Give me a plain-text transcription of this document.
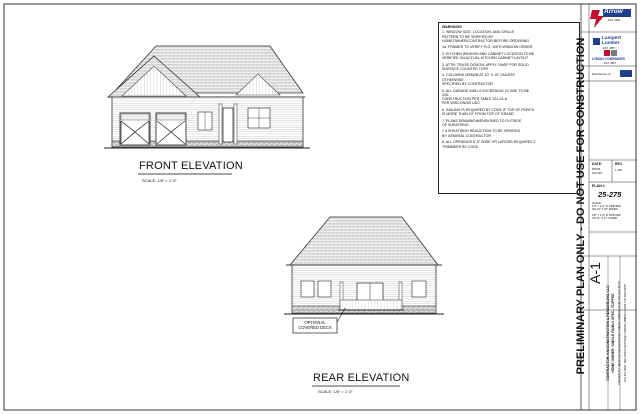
WARNINGS
1. WINDOW SIZE, LOCATION, AND GRILLE
PATTERN TO BE VERIFIED BY
HOMEOWNER/CONTRACTOR BEFORE ORDERING
1a. FRAMER TO VERIFY R.O. WITH WINDOW ORDER
2. KITCHEN WINDOW AND CABINET LOCATION TO BE
VERIFIED ON ACTUAL KITCHEN CABINET LAYOUT
3. ATTN: TRUSS DESIGN: APPLY 20#SF FOR SOLID
SURFACE COUNTER TOPS
4. COLUMNS DRAWN AT 10" X 10" UNLESS
OTHERWISE
SPECIFIED BY CONTRACTOR
5. ALL GARAGE WALLS EXCEEDING 10' ARE TO BE
2X6
CONSTRUCTION PER TABLE 321.25-A
PER WISCONSIN UDC
6. RAILING IS REQUIRED BY CODE IF TOP OF PORCH
IS MORE THAN 24" FROM TOP OF GRADE
7. PLANS DRAWN/DIMENSIONED TO OUTSIDE
OF SHEATHING.
7.a SHEATHING REDUCTION TO BE VERIFIED
BY GENERAL CONTRACTOR
8. ALL OPENINGS 6'-0" WIDE OR LARGER REQUIRES 2
TRIMMERS BY CODE
FRONT ELEVATION
SCALE: 1/8" = 1'-0"
REAR ELEVATION
SCALE: 1/8" = 1'-0"
OPTIONAL
COVERED DECK	PRELIMINARY PLAN ONLY - DO NOT USE FOR CONSTRUCTION	CONTRACTOR: KM CONSTRUCTION & REMODELING, LLC HOME OWNER: SINGLE FAMILY SPEC - FLIPPED DRAWN BY: MWOOD MAXWOOD@LYMANLUMBER.COM 715-822-3578 SALES REP: NELSON GRAYN@LYMANLUMBER.COM 715-829-5225
A-1
PLAN #
25-275
SCALE:
1/4" = 1'-0" IF PRINTED
ON 24" X 36" PAPER

1/8" = 1'-0" IF PRINTED
ON 11" X 17" PAPER
DATE:
8/5/25
10/1/25
REV.
1 4/8
Arrow
EST. 1993
Lampert
Lumber
EST. 1887
LYMAN COMPANIES
EST. 1897
Distributors of
